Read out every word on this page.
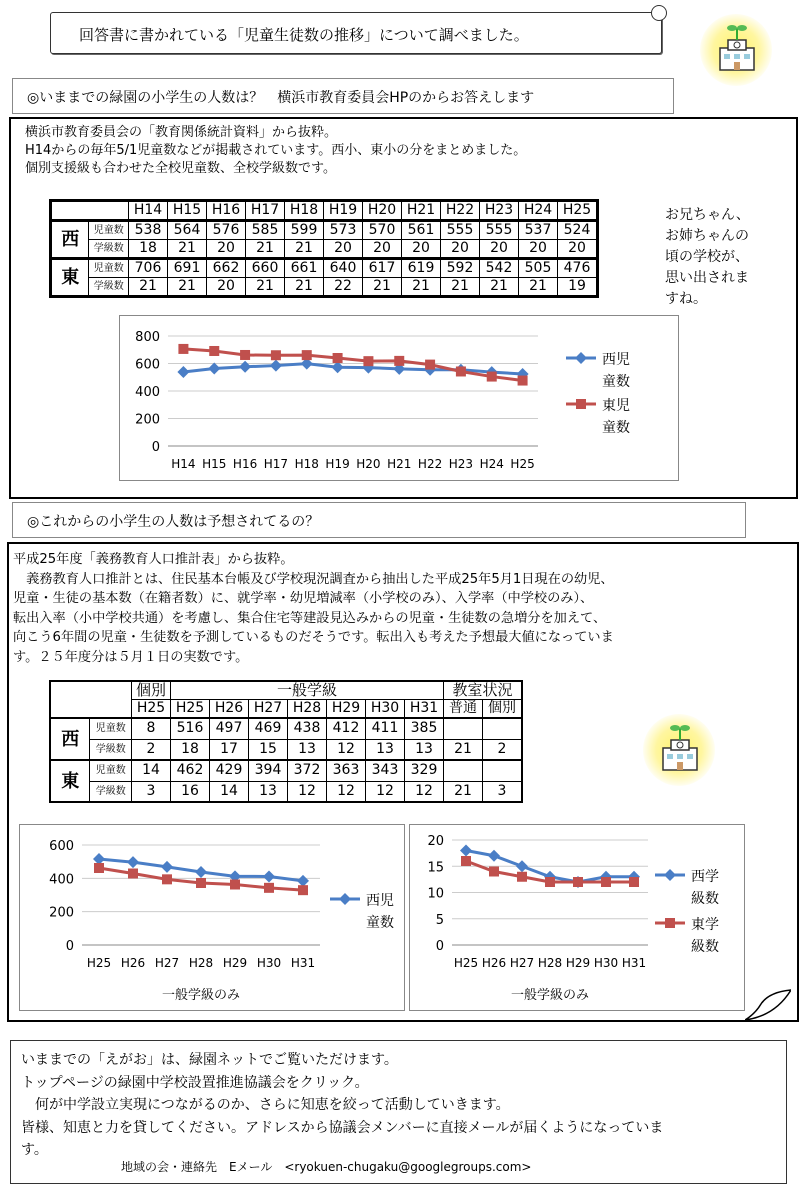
回答書に書かれている「児童生徒数の推移」について調べました。
◎いままでの緑園の小学生の人数は？　横浜市教育委員会HPのからお答えします
横浜市教育委員会の「教育関係統計資料」から抜粋。
H14からの毎年5/1児童数などが掲載されています。西小、東小の分をまとめました。
個別支援級も合わせた全校児童数、全校学級数です。
		H14	H15	H16	H17	H18	H19	H20	H21	H22	H23	H24	H25
西	児童数	538	564	576	585	599	573	570	561	555	555	537	524
	学級数	18	21	20	21	21	20	20	20	20	20	20	20
東	児童数	706	691	662	660	661	640	617	619	592	542	505	476
	学級数	21	21	20	21	21	22	21	21	21	21	21	19
お兄ちゃん、
お姉ちゃんの
頃の学校が、
思い出されま
すね。
0
200
400
600
800
H14 H15 H16 H17 H18 H19 H20 H21 H22 H23 H24 H25
西児
童数
東児
童数
◎これからの小学生の人数は予想されてるの？
平成25年度「義務教育人口推計表」から抜粋。
　義務教育人口推計とは、住民基本台帳及び学校現況調査から抽出した平成25年5月1日現在の幼児、
児童・生徒の基本数（在籍者数）に、就学率・幼児増減率（小学校のみ）、入学率（中学校のみ）、
転出入率（小中学校共通）を考慮し、集合住宅等建設見込みからの児童・生徒数の急増分を加えて、
向こう6年間の児童・生徒数を予測しているものだそうです。転出入も考えた予想最大値になっていま
す。２５年度分は５月１日の実数です。
		個別	一般学級							教室状況	
		H25	H25	H26	H27	H28	H29	H30	H31	普通	個別
西	児童数	8	516	497	469	438	412	411	385		
	学級数	2	18	17	15	13	12	13	13	21	2
東	児童数	14	462	429	394	372	363	343	329		
	学級数	3	16	14	13	12	12	12	12	21	3
0
200
400
600
H25 H26 H27 H28 H29 H30 H31
一般学級のみ
西児
童数
0
5
10
15
20
H25 H26 H27 H28 H29 H30 H31
一般学級のみ
西学
級数
東学
級数
いままでの「えがお」は、緑園ネットでご覧いただけます。
トップページの緑園中学校設置推進協議会をクリック。
　何が中学設立実現につながるのか、さらに知恵を絞って活動していきます。
皆様、知恵と力を貸してください。アドレスから協議会メンバーに直接メールが届くようになっていま
す。
地域の会・連絡先　Eメール　<ryokuen-chugaku@googlegroups.com>
